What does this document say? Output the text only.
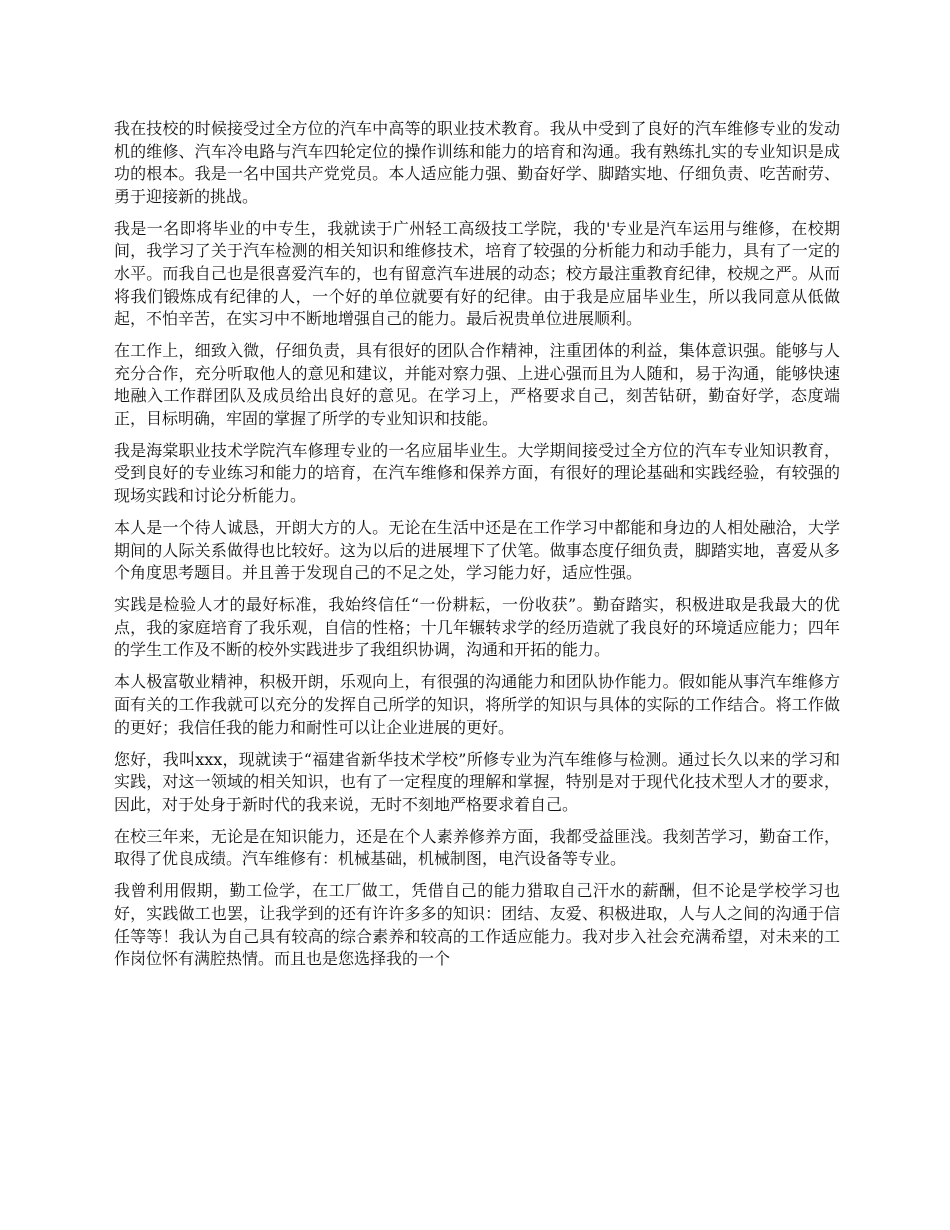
我在技校的时候接受过全方位的汽车中高等的职业技术教育。我从中受到了良好的汽车维修专业的发动机的维修、汽车冷电路与汽车四轮定位的操作训练和能力的培育和沟通。我有熟练扎实的专业知识是成功的根本。我是一名中国共产党党员。本人适应能力强、勤奋好学、脚踏实地、仔细负责、吃苦耐劳、勇于迎接新的挑战。

我是一名即将毕业的中专生，我就读于广州轻工高级技工学院，我的'专业是汽车运用与维修，在校期间，我学习了关于汽车检测的相关知识和维修技术，培育了较强的分析能力和动手能力，具有了一定的水平。而我自己也是很喜爱汽车的，也有留意汽车进展的动态；校方最注重教育纪律，校规之严。从而将我们锻炼成有纪律的人，一个好的单位就要有好的纪律。由于我是应届毕业生，所以我同意从低做起，不怕辛苦，在实习中不断地增强自己的能力。最后祝贵单位进展顺利。

在工作上，细致入微，仔细负责，具有很好的团队合作精神，注重团体的利益，集体意识强。能够与人充分合作，充分听取他人的意见和建议，并能对察力强、上进心强而且为人随和，易于沟通，能够快速地融入工作群团队及成员给出良好的意见。在学习上，严格要求自己，刻苦钻研，勤奋好学，态度端正，目标明确，牢固的掌握了所学的专业知识和技能。

我是海棠职业技术学院汽车修理专业的一名应届毕业生。大学期间接受过全方位的汽车专业知识教育，受到良好的专业练习和能力的培育，在汽车维修和保养方面，有很好的理论基础和实践经验，有较强的现场实践和讨论分析能力。

本人是一个待人诚恳，开朗大方的人。无论在生活中还是在工作学习中都能和身边的人相处融洽，大学期间的人际关系做得也比较好。这为以后的进展埋下了伏笔。做事态度仔细负责，脚踏实地，喜爱从多个角度思考题目。并且善于发现自己的不足之处，学习能力好，适应性强。

实践是检验人才的最好标准，我始终信任“一份耕耘，一份收获”。勤奋踏实，积极进取是我最大的优点，我的家庭培育了我乐观，自信的性格；十几年辗转求学的经历造就了我良好的环境适应能力；四年的学生工作及不断的校外实践进步了我组织协调，沟通和开拓的能力。

本人极富敬业精神，积极开朗，乐观向上，有很强的沟通能力和团队协作能力。假如能从事汽车维修方面有关的工作我就可以充分的发挥自己所学的知识，将所学的知识与具体的实际的工作结合。将工作做的更好；我信任我的能力和耐性可以让企业进展的更好。

您好，我叫xxx，现就读于“福建省新华技术学校”所修专业为汽车维修与检测。通过长久以来的学习和实践，对这一领域的相关知识，也有了一定程度的理解和掌握，特别是对于现代化技术型人才的要求，因此，对于处身于新时代的我来说，无时不刻地严格要求着自己。

在校三年来，无论是在知识能力，还是在个人素养修养方面，我都受益匪浅。我刻苦学习，勤奋工作，取得了优良成绩。汽车维修有：机械基础，机械制图，电汽设备等专业。

我曾利用假期，勤工俭学，在工厂做工，凭借自己的能力猎取自己汗水的薪酬，但不论是学校学习也好，实践做工也罢，让我学到的还有许许多多的知识：团结、友爱、积极进取，人与人之间的沟通于信任等等！我认为自己具有较高的综合素养和较高的工作适应能力。我对步入社会充满希望，对未来的工作岗位怀有满腔热情。而且也是您选择我的一个
